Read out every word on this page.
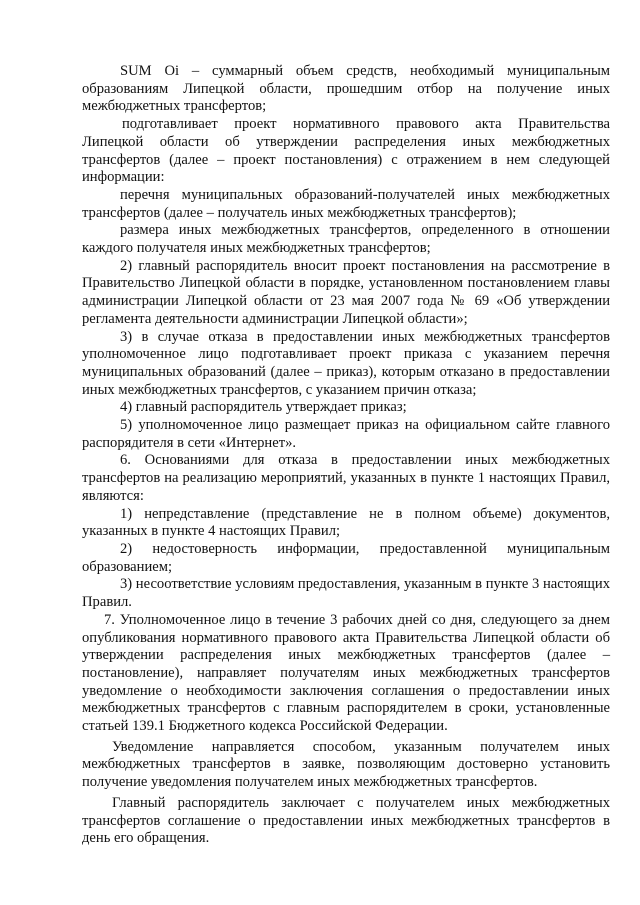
SUM Oi – суммарный объем средств, необходимый муниципальным образованиям Липецкой области, прошедшим отбор на получение иных межбюджетных трансфертов;

подготавливает проект нормативного правового акта Правительства Липецкой области об утверждении распределения иных межбюджетных трансфертов (далее – проект постановления) с отражением в нем следующей информации:

перечня муниципальных образований-получателей иных межбюджетных трансфертов (далее – получатель иных межбюджетных трансфертов);

размера иных межбюджетных трансфертов, определенного в отношении каждого получателя иных межбюджетных трансфертов;

2) главный распорядитель вносит проект постановления на рассмотрение в Правительство Липецкой области в порядке, установленном постановлением главы администрации Липецкой области от 23 мая 2007 года № 69 «Об утверждении регламента деятельности администрации Липецкой области»;

3) в случае отказа в предоставлении иных межбюджетных трансфертов уполномоченное лицо подготавливает проект приказа с указанием перечня муниципальных образований (далее – приказ), которым отказано в предоставлении иных межбюджетных трансфертов, с указанием причин отказа;

4) главный распорядитель утверждает приказ;

5) уполномоченное лицо размещает приказ на официальном сайте главного распорядителя в сети «Интернет».

6. Основаниями для отказа в предоставлении иных межбюджетных трансфертов на реализацию мероприятий, указанных в пункте 1 настоящих Правил, являются:

1) непредставление (представление не в полном объеме) документов, указанных в пункте 4 настоящих Правил;

2) недостоверность информации, предоставленной муниципальным образованием;

3) несоответствие условиям предоставления, указанным в пункте 3 настоящих Правил.

7. Уполномоченное лицо в течение 3 рабочих дней со дня, следующего за днем опубликования нормативного правового акта Правительства Липецкой области об утверждении распределения иных межбюджетных трансфертов (далее – постановление), направляет получателям иных межбюджетных трансфертов уведомление о необходимости заключения соглашения о предоставлении иных межбюджетных трансфертов с главным распорядителем в сроки, установленные статьей 139.1 Бюджетного кодекса Российской Федерации.

Уведомление направляется способом, указанным получателем иных межбюджетных трансфертов в заявке, позволяющим достоверно установить получение уведомления получателем иных межбюджетных трансфертов.

Главный распорядитель заключает с получателем иных межбюджетных трансфертов соглашение о предоставлении иных межбюджетных трансфертов в день его обращения.
